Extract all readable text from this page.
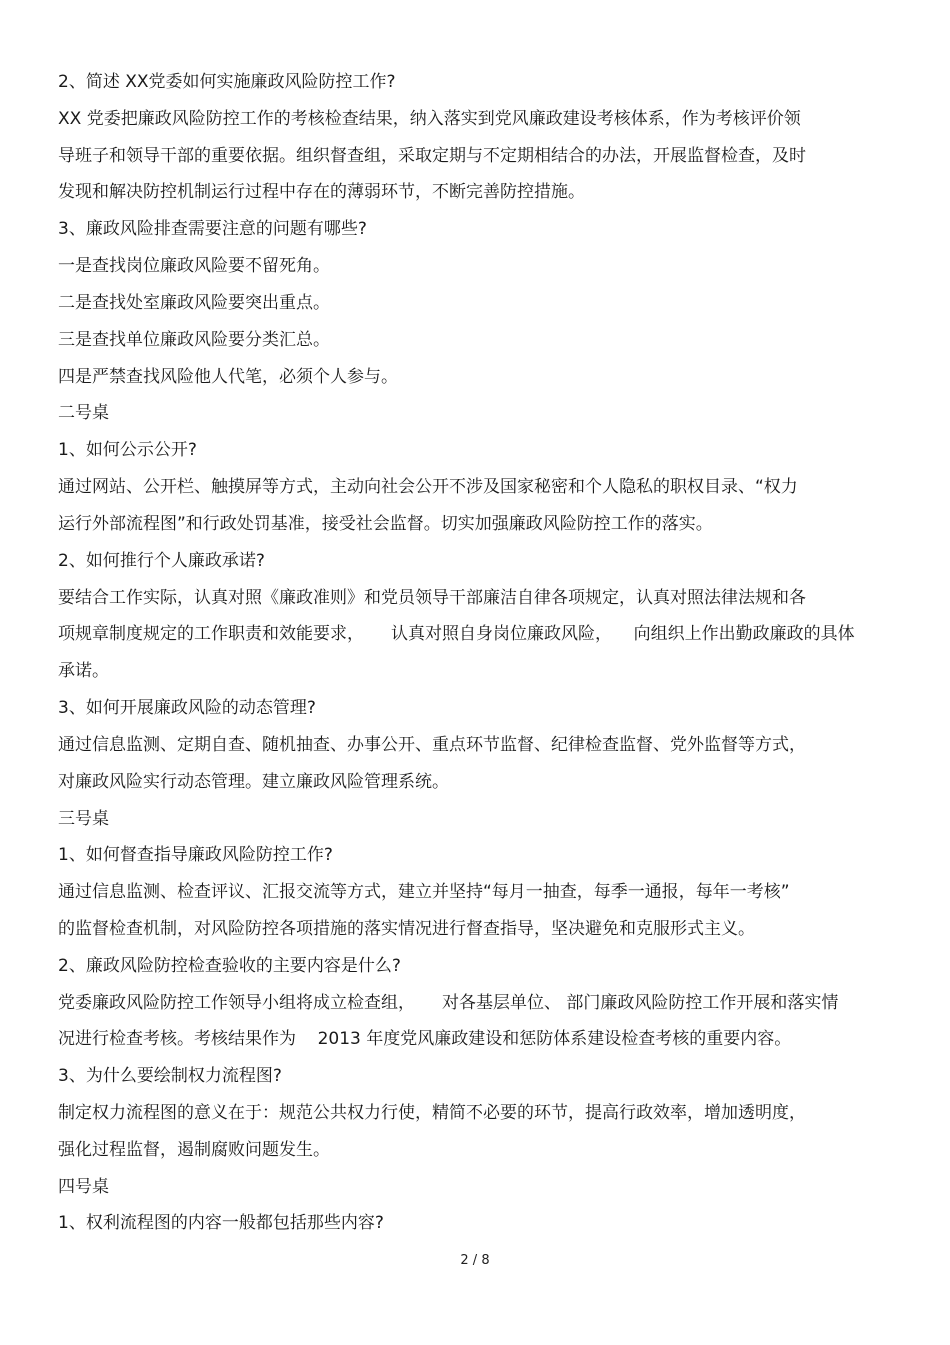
2、简述 XX党委如何实施廉政风险防控工作?
XX 党委把廉政风险防控工作的考核检查结果，纳入落实到党风廉政建设考核体系，作为考核评价领
导班子和领导干部的重要依据。组织督查组，采取定期与不定期相结合的办法，开展监督检查，及时
发现和解决防控机制运行过程中存在的薄弱环节，不断完善防控措施。
3、廉政风险排查需要注意的问题有哪些?
一是查找岗位廉政风险要不留死角。
二是查找处室廉政风险要突出重点。
三是查找单位廉政风险要分类汇总。
四是严禁查找风险他人代笔，必须个人参与。
二号桌
1、如何公示公开?
通过网站、公开栏、触摸屏等方式，主动向社会公开不涉及国家秘密和个人隐私的职权目录、“权力
运行外部流程图”和行政处罚基准，接受社会监督。切实加强廉政风险防控工作的落实。
2、如何推行个人廉政承诺?
要结合工作实际，认真对照《廉政准则》和党员领导干部廉洁自律各项规定，认真对照法律法规和各
项规章制度规定的工作职责和效能要求，     认真对照自身岗位廉政风险，    向组织上作出勤政廉政的具体
承诺。
3、如何开展廉政风险的动态管理?
通过信息监测、定期自查、随机抽查、办事公开、重点环节监督、纪律检查监督、党外监督等方式，
对廉政风险实行动态管理。建立廉政风险管理系统。
三号桌
1、如何督查指导廉政风险防控工作?
通过信息监测、检查评议、汇报交流等方式，建立并坚持“每月一抽查，每季一通报，每年一考核”
的监督检查机制，对风险防控各项措施的落实情况进行督查指导，坚决避免和克服形式主义。
2、廉政风险防控检查验收的主要内容是什么?
党委廉政风险防控工作领导小组将成立检查组，     对各基层单位、 部门廉政风险防控工作开展和落实情
况进行检查考核。考核结果作为    2013 年度党风廉政建设和惩防体系建设检查考核的重要内容。
3、为什么要绘制权力流程图?
制定权力流程图的意义在于：规范公共权力行使，精简不必要的环节，提高行政效率，增加透明度，
强化过程监督，遏制腐败问题发生。
四号桌
1、权利流程图的内容一般都包括那些内容?
2 / 8
